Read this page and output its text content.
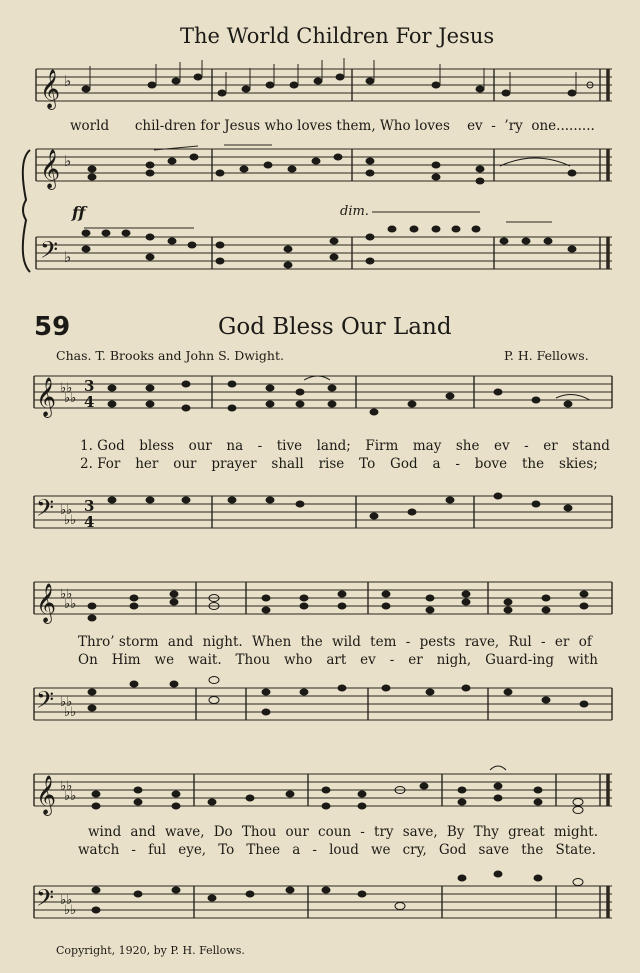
The World Children For Jesus
𝄞 ♭
𝄞 ♭
𝄢 ♭
world      chil-dren for Jesus who loves them, Who loves    ev  -  ’ry  one.........
ff	dim.
59	God Bless Our Land
Chas. T. Brooks and John S. Dwight.	P. H. Fellows.
𝄞 ♭♭
♭♭
3
4
𝄢 ♭♭
♭♭
3
4
𝄞 ♭♭
♭♭
𝄢 ♭♭
♭♭
𝄞 ♭♭
♭♭
𝄢 ♭♭
♭♭
1. God bless our na - tive land; Firm may she ev - er stand
2. For her our prayer shall rise To God a - bove the skies;
Thro’ storm and night. When the wild tem - pests rave, Rul - er of
On Him we wait. Thou who art ev - er nigh, Guard-ing with
wind and wave, Do Thou our coun - try save, By Thy great might.
watch - ful eye, To Thee a - loud we cry, God save the State.
Copyright, 1920, by P. H. Fellows.
